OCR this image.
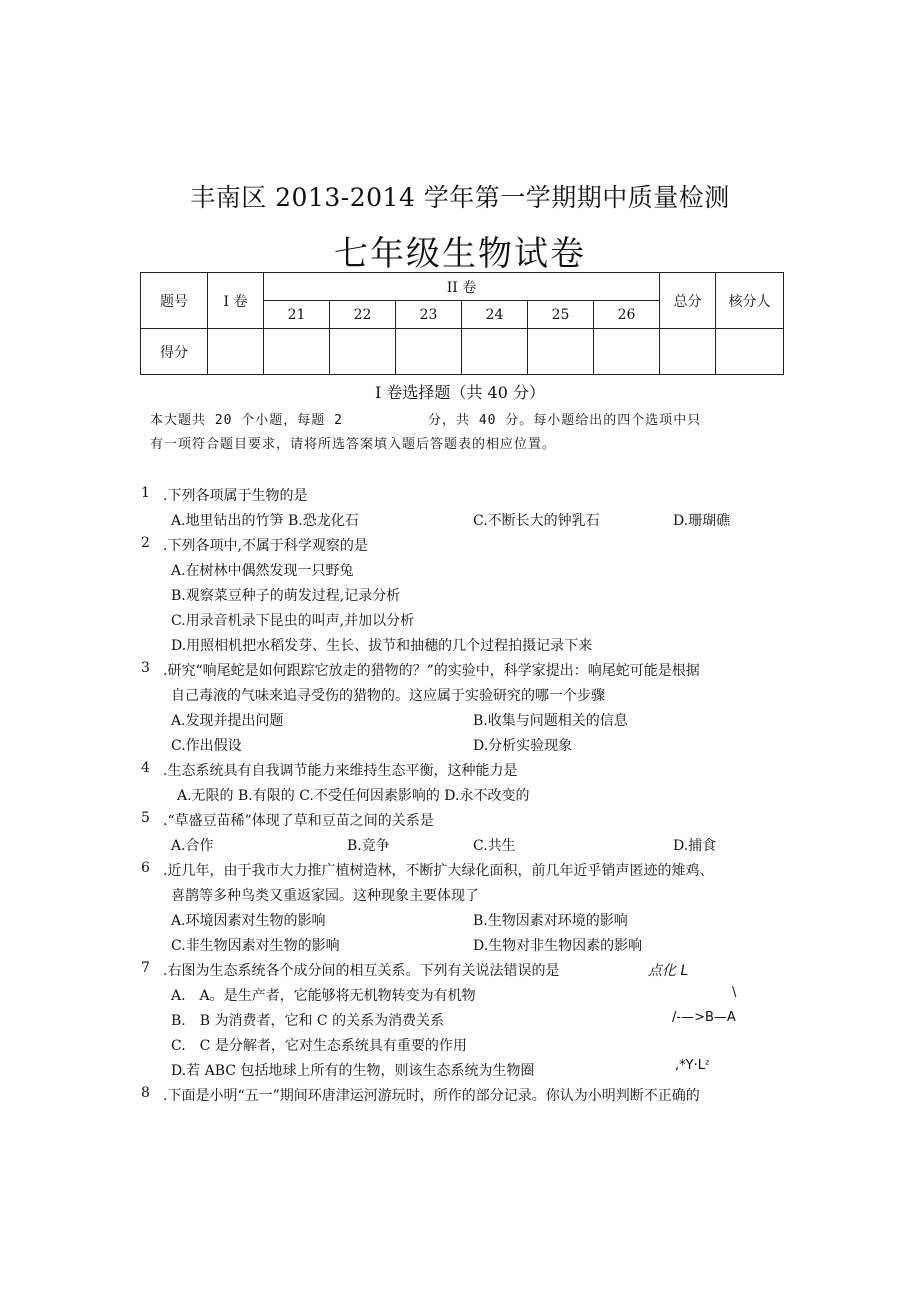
丰南区 2013-2014 学年第一学期期中质量检测
七年级生物试卷
题号	I 卷	II 卷						总分	核分人
		21	22	23	24	25	26		
得分									
I 卷选择题（共 40 分）
本大题共 20 个小题，每题 2	分，共 40 分。每小题给出的四个选项中只
有一项符合题目要求，请将所选答案填入题后答题表的相应位置。
1 .下列各项属于生物的是
A.地里钻出的竹笋 B.恐龙化石	C.不断长大的钟乳石	D.珊瑚礁
2 .下列各项中,不属于科学观察的是
A.在树林中偶然发现一只野兔
B.观察菜豆种子的萌发过程,记录分析
C.用录音机录下昆虫的叫声,并加以分析
D.用照相机把水稻发芽、生长、拔节和抽穗的几个过程拍摄记录下来
3 .研究“响尾蛇是如何跟踪它放走的猎物的？”的实验中，科学家提出：响尾蛇可能是根据
自己毒液的气味来追寻受伤的猎物的。这应属于实验研究的哪一个步骤
A.发现并提出问题	B.收集与问题相关的信息
C.作出假设	D.分析实验现象
4 .生态系统具有自我调节能力来维持生态平衡，这种能力是
A.无限的 B.有限的 C.不受任何因素影响的 D.永不改变的
5 .“草盛豆苗稀”体现了草和豆苗之间的关系是
A.合作	B.竞争	C.共生	D.捕食
6 .近几年，由于我市大力推广植树造林，不断扩大绿化面积，前几年近乎销声匿迹的雉鸡、
喜鹊等多种鸟类又重返家园。这种现象主要体现了
A.环境因素对生物的影响	B.生物因素对环境的影响
C.非生物因素对生物的影响	D.生物对非生物因素的影响
7 .右图为生态系统各个成分间的相互关系。下列有关说法错误的是
A.　A。是生产者，它能够将无机物转变为有机物
B.　B 为消费者，它和 C 的关系为消费关系
C.　C 是分解者，它对生态系统具有重要的作用
D.若 ABC 包括地球上所有的生物，则该生态系统为生物圈
点化 L
\
/-—>B—A
,*Y·Lᶻ
8 .下面是小明“五一”期间环唐津运河游玩时，所作的部分记录。你认为小明判断不正确的
